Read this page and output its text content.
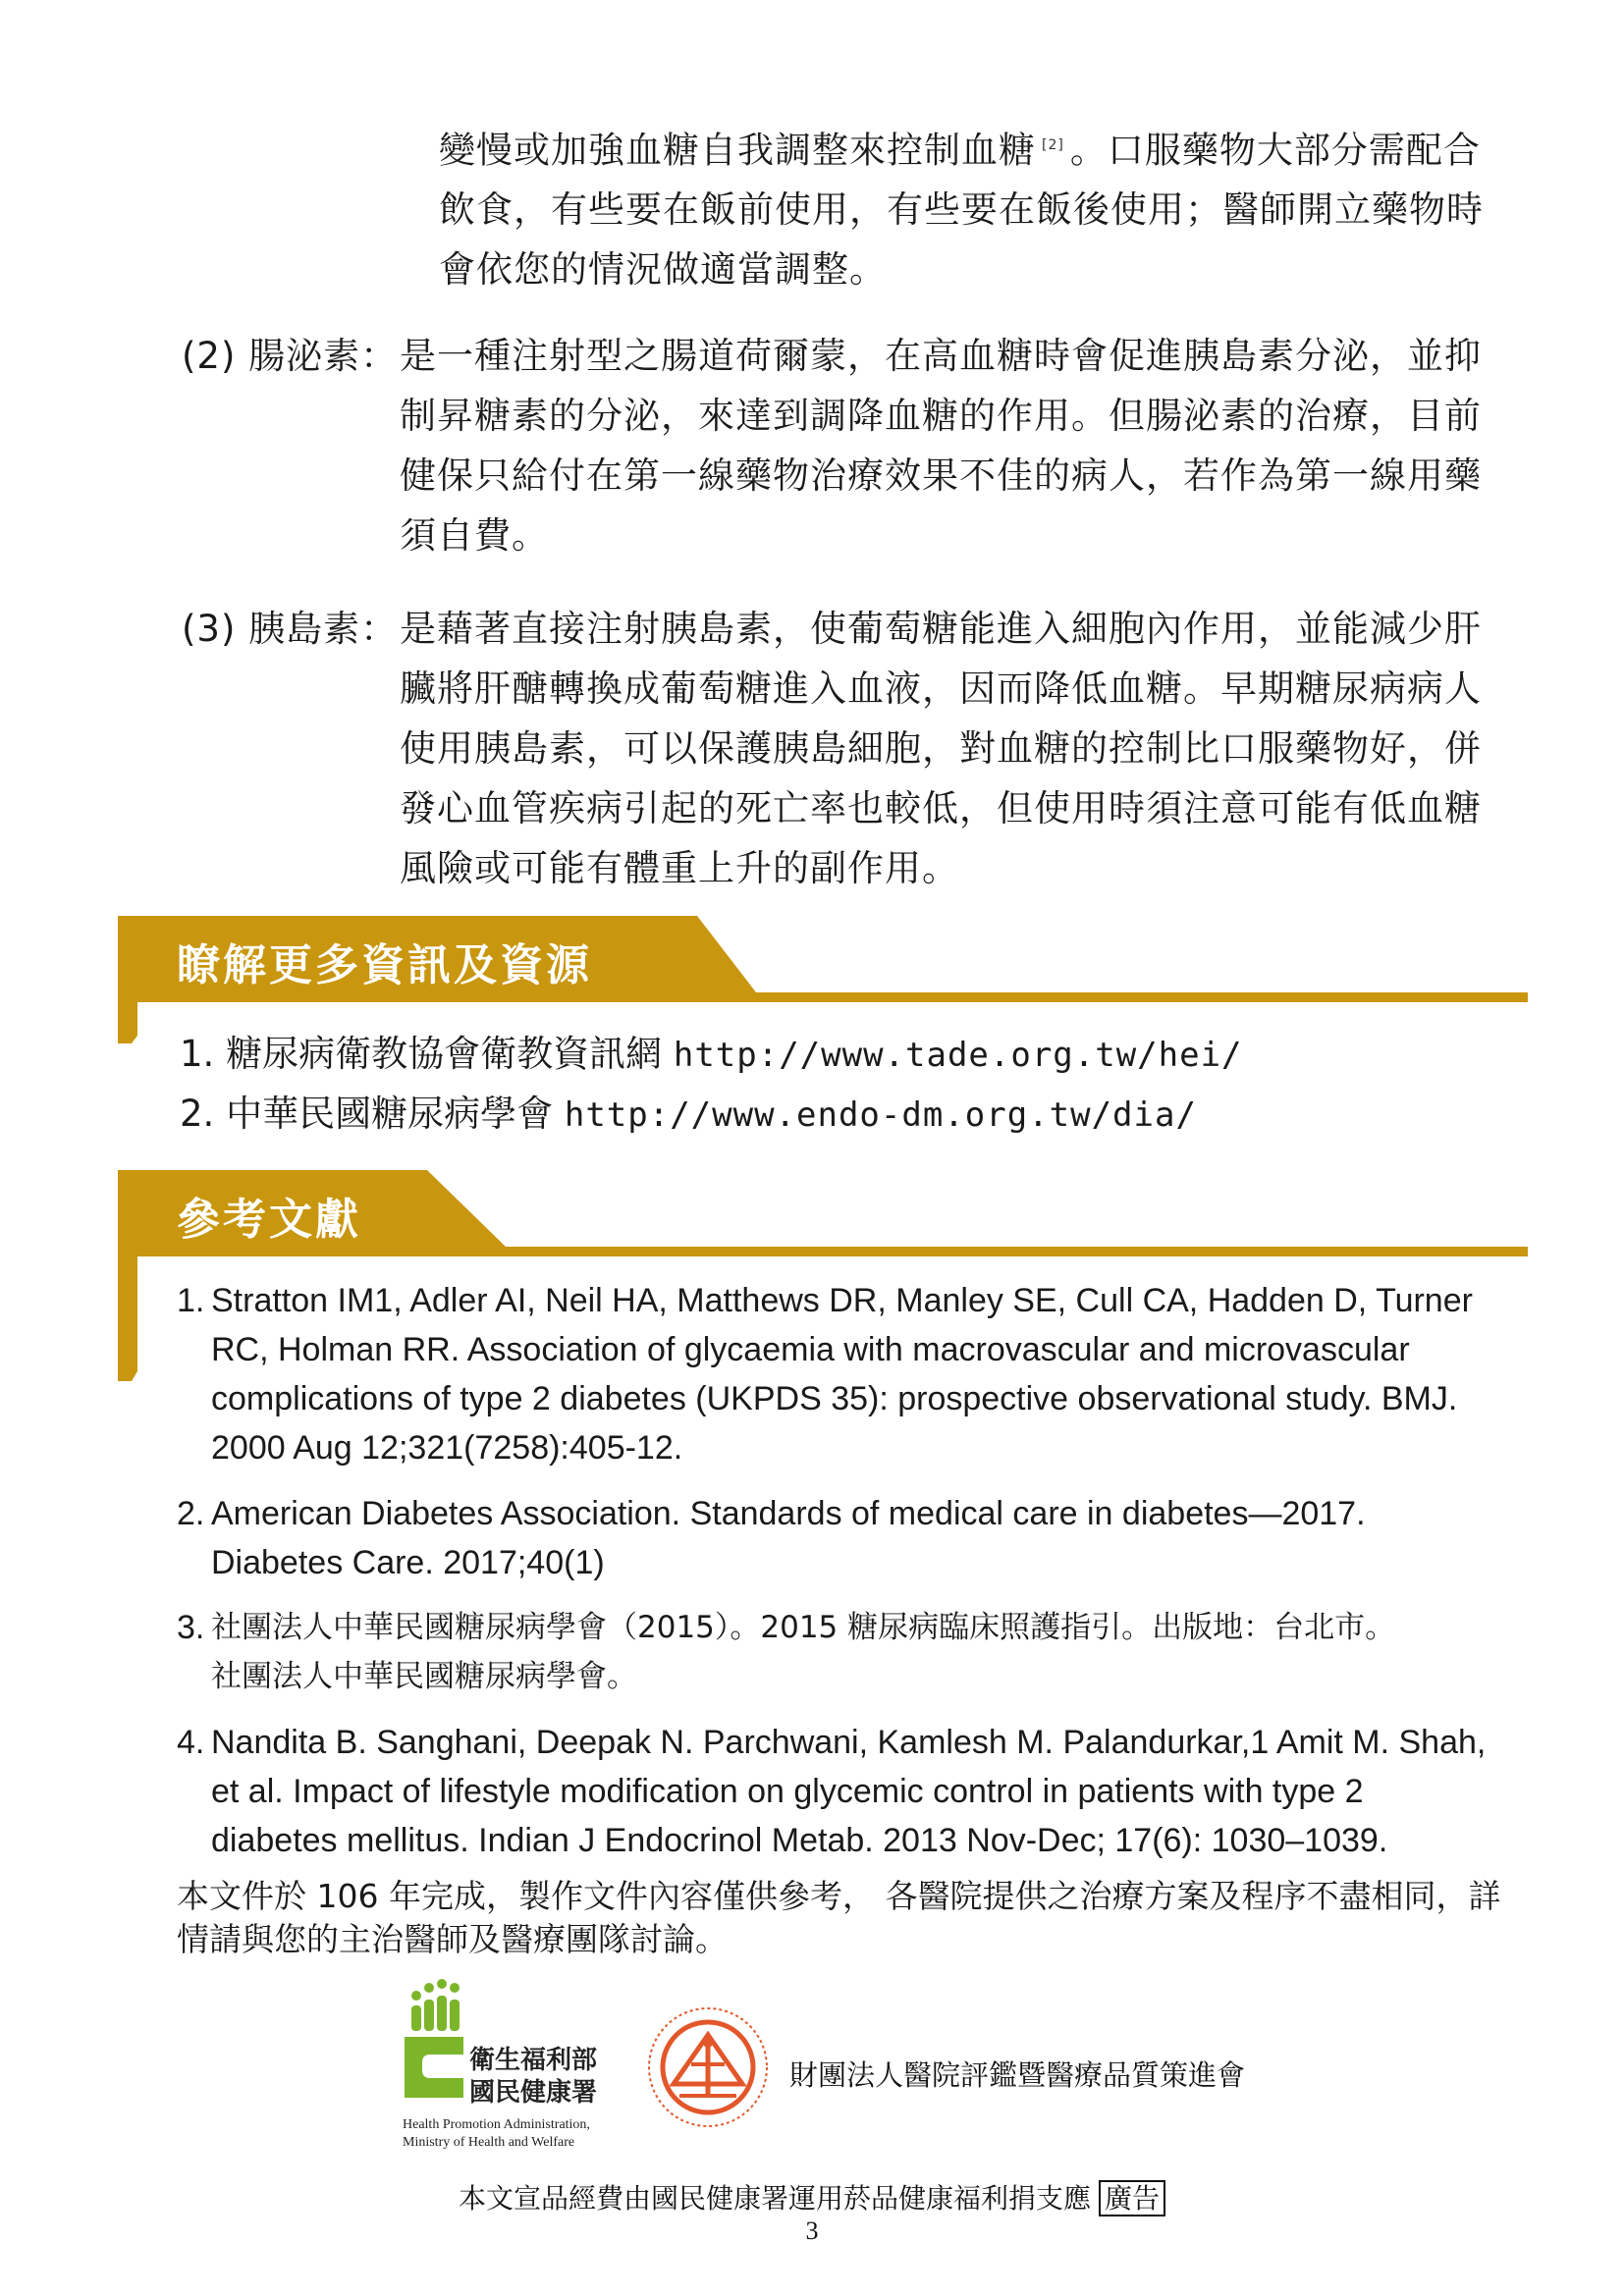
變慢或加強血糖自我調整來控制血糖 [2] 。口服藥物大部分需配合

飲食，有些要在飯前使用，有些要在飯後使用；醫師開立藥物時

會依您的情況做適當調整。

(2) 腸泌素： 是一種注射型之腸道荷爾蒙，在高血糖時會促進胰島素分泌，並抑
制昇糖素的分泌，來達到調降血糖的作用。但腸泌素的治療，目前
健保只給付在第一線藥物治療效果不佳的病人，若作為第一線用藥
須自費。
(3) 胰島素： 是藉著直接注射胰島素，使葡萄糖能進入細胞內作用，並能減少肝
臟將肝醣轉換成葡萄糖進入血液，因而降低血糖。早期糖尿病病人
使用胰島素，可以保護胰島細胞，對血糖的控制比口服藥物好，併
發心血管疾病引起的死亡率也較低，但使用時須注意可能有低血糖
風險或可能有體重上升的副作用。
瞭解更多資訊及資源
1. 糖尿病衛教協會衛教資訊網 http://www.tade.org.tw/hei/
2. 中華民國糖尿病學會 http://www.endo-dm.org.tw/dia/
參考文獻
1. Stratton IM1, Adler AI, Neil HA, Matthews DR, Manley SE, Cull CA, Hadden D, Turner
RC, Holman RR. Association of glycaemia with macrovascular and microvascular
complications of type 2 diabetes (UKPDS 35): prospective observational study. BMJ.
2000 Aug 12;321(7258):405-12.
2. American Diabetes Association. Standards of medical care in diabetes—2017.
Diabetes Care. 2017;40(1)
3. 社團法人中華民國糖尿病學會（2015）。2015 糖尿病臨床照護指引。出版地：台北市。
社團法人中華民國糖尿病學會。
4. Nandita B. Sanghani, Deepak N. Parchwani, Kamlesh M. Palandurkar,1 Amit M. Shah,
et al. Impact of lifestyle modification on glycemic control in patients with type 2
diabetes mellitus. Indian J Endocrinol Metab. 2013 Nov-Dec; 17(6): 1030–1039.
本文件於 106 年完成，製作文件內容僅供參考， 各醫院提供之治療方案及程序不盡相同，詳
情請與您的主治醫師及醫療團隊討論。
衛生福利部
國民健康署
Health Promotion Administration,
Ministry of Health and Welfare
財團法人醫院評鑑暨醫療品質策進會
本文宣品經費由國民健康署運用菸品健康福利捐支應 廣告
3
